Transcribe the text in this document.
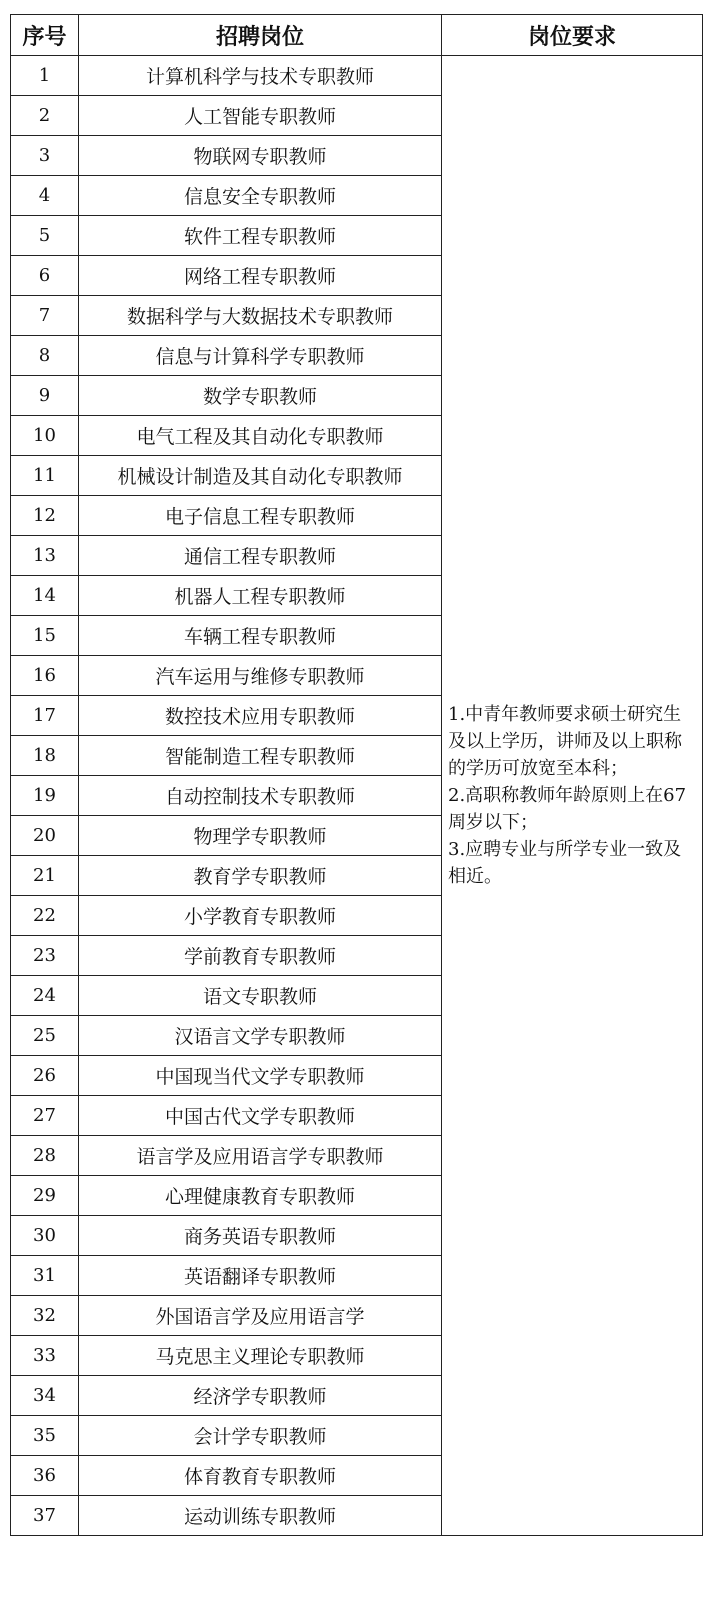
序号	招聘岗位	岗位要求
1	计算机科学与技术专职教师	1.中青年教师要求硕士研究生及以上学历，讲师及以上职称的学历可放宽至本科；
2.高职称教师年龄原则上在67周岁以下；
3.应聘专业与所学专业一致及相近。

2	人工智能专职教师	
3	物联网专职教师	
4	信息安全专职教师	
5	软件工程专职教师	
6	网络工程专职教师	
7	数据科学与大数据技术专职教师	
8	信息与计算科学专职教师	
9	数学专职教师	
10	电气工程及其自动化专职教师	
11	机械设计制造及其自动化专职教师	
12	电子信息工程专职教师	
13	通信工程专职教师	
14	机器人工程专职教师	
15	车辆工程专职教师	
16	汽车运用与维修专职教师	
17	数控技术应用专职教师	
18	智能制造工程专职教师	
19	自动控制技术专职教师	
20	物理学专职教师	
21	教育学专职教师	
22	小学教育专职教师	
23	学前教育专职教师	
24	语文专职教师	
25	汉语言文学专职教师	
26	中国现当代文学专职教师	
27	中国古代文学专职教师	
28	语言学及应用语言学专职教师	
29	心理健康教育专职教师	
30	商务英语专职教师	
31	英语翻译专职教师	
32	外国语言学及应用语言学	
33	马克思主义理论专职教师	
34	经济学专职教师	
35	会计学专职教师	
36	体育教育专职教师	
37	运动训练专职教师	
